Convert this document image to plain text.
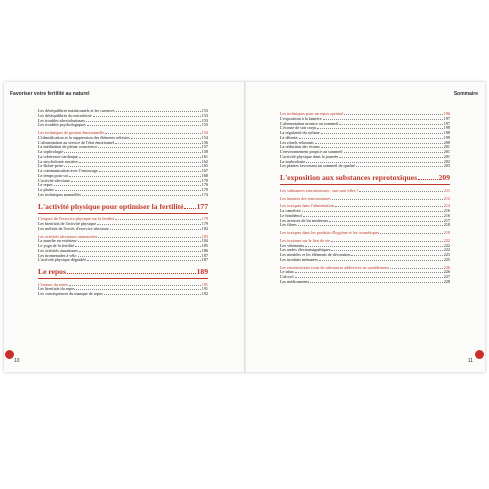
Favoriser votre fertilité au naturel	Sommaire
Les déséquilibres nutritionnels et les carences	153
Les déséquilibres du microbiote	153
Les troubles physiologiques	153
Les troubles psychologiques	153
Les techniques de gestion émotionnelle	154
L'identification et la suppression des éléments néfastes	154
L'alimentation au service de l'état émotionnel	156
La méditation de pleine conscience	157
La sophrologie	158
La cohérence cardiaque	161
La psychologie positive	162
Le lâcher-prise	165
La communication avec l'entourage	167
Le temps pour soi	168
L'activité physique	170
Le repos	170
Le plaisir	170
Les techniques manuelles	174
L'activité physique pour optimiser la fertilité 177
L'impact de l'exercice physique sur la fertilité	179
Les bienfaits de l'activité physique	179
Les méfaits de l'excès d'exercice physique	182
Les activités physiques appropriées	183
La marche en extérieur	184
Le yoga de la fertilité	185
Les activités aquatiques	186
Les promenades à vélo	187
L'activité physique dégradée	187
Le repos	189
L'impact du repos	191
Les bienfaits du repos	191
Les conséquences du manque de repos	192
Les techniques pour un repos optimal	196
L'exposition à la lumière	197
L'alimentation propice au sommeil	197
L'écoute de son corps	198
La régularité du rythme	198
La détente	199
Les rituels relaxants	200
La réduction des écrans	201
L'environnement propice au sommeil	201
L'activité physique dans la journée	201
La sophrologie	202
Les plantes favorisant un sommeil de qualité	203
L'exposition aux substances reprotoxiques	209
Les substances reprotoxiques : que sont-elles ?	211
Les impacts des reprotoxiques	212
Les toxiques dans l'alimentation	214
La camelote	216
Le bisphénol	216
Les graisses de lin modernes	217
Les fibres	218
Les toxiques dans les produits d'hygiène et les cosmétiques	219
Les toxiques sur le lieu de vie	222
Les vêtements	222
Les ondes électromagnétiques	222
Les meubles et les éléments de décoration	223
Les produits ménagers	225
Les reprotoxiques issus de substances addictives ou quotidiennes	226
Le tabac	226
L'alcool	227
Les médicaments	228
10	11
